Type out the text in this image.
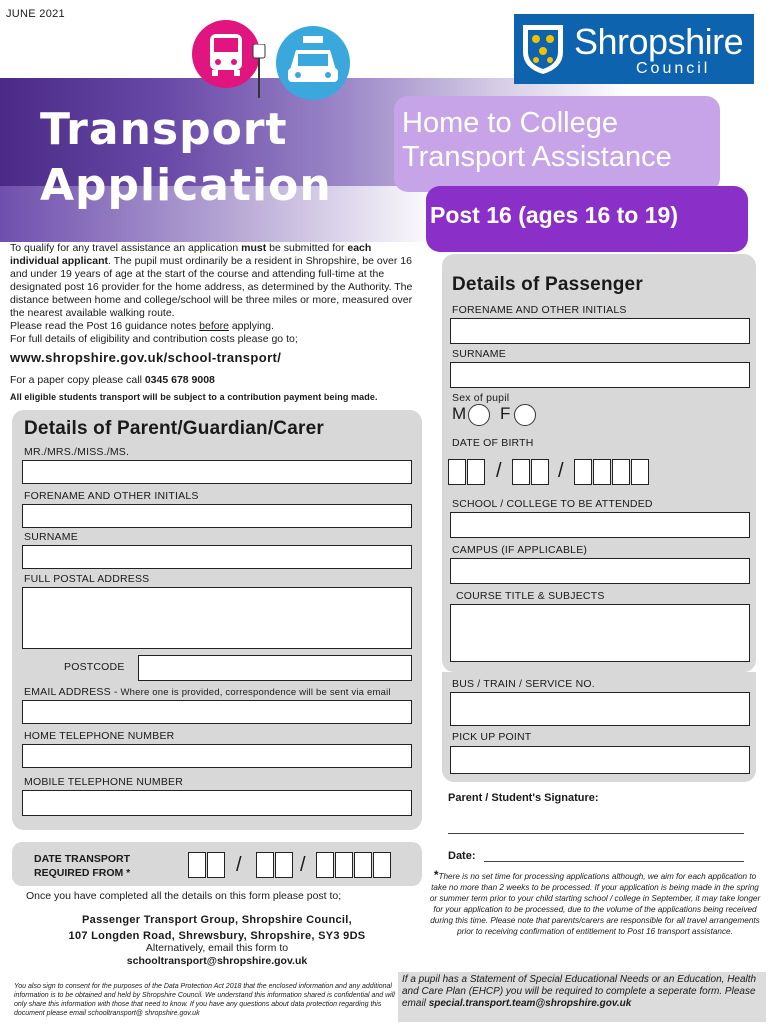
JUNE 2021
Shropshire
Council
Transport
Application
Home to College
Transport Assistance
Post 16 (ages 16 to 19)

To qualify for any travel assistance an application must be submitted for each individual applicant. The pupil must ordinarily be a resident in Shropshire, be over 16 and under 19 years of age at the start of the course and attending full-time at the designated post 16 provider for the home address, as determined by the Authority. The distance between home and college/school will be three miles or more, measured over the nearest available walking route.

Please read the Post 16 guidance notes before applying.

For full details of eligibility and contribution costs please go to;

www.shropshire.gov.uk/school-transport/
For a paper copy please call 0345 678 9008
All eligible students transport will be subject to a contribution payment being made.
Details of Parent/Guardian/Carer
MR./MRS./MISS./MS.
FORENAME AND OTHER INITIALS
SURNAME
FULL POSTAL ADDRESS
POSTCODE
EMAIL ADDRESS - Where one is provided, correspondence will be sent via email
HOME TELEPHONE NUMBER
MOBILE TELEPHONE NUMBER
DATE TRANSPORT
REQUIRED FROM *	/	/
Details of Passenger
FORENAME AND OTHER INITIALS
SURNAME
Sex of pupil
M F
DATE OF BIRTH
/	/
SCHOOL / COLLEGE TO BE ATTENDED
CAMPUS (IF APPLICABLE)
COURSE TITLE & SUBJECTS
BUS / TRAIN / SERVICE NO.
PICK UP POINT
Parent / Student's Signature:
Date:
Once you have completed all the details on this form please post to;
Passenger Transport Group, Shropshire Council,
107 Longden Road, Shrewsbury, Shropshire, SY3 9DS
Alternatively, email this form to
schooltransport@shropshire.gov.uk
You also sign to consent for the purposes of the Data Protection Act 2018 that the enclosed information and any additional information is to be obtained and held by Shropshire Council. We understand this information shared is confidential and will only share this information with those that need to know. If you have any questions about data protection regarding this document please email schooltransport@ shropshire.gov.uk
*There is no set time for processing applications although, we aim for each application to take no more than 2 weeks to be processed. If your application is being made in the spring or summer term prior to your child starting school / college in September, it may take longer for your application to be processed, due to the volume of the applications being received during this time. Please note that parents/carers are responsible for all travel arrangements prior to receiving confirmation of entitlement to Post 16 transport assistance.
If a pupil has a Statement of Special Educational Needs or an Education, Health and Care Plan (EHCP) you will be required to complete a seperate form. Please email special.transport.team@shropshire.gov.uk
